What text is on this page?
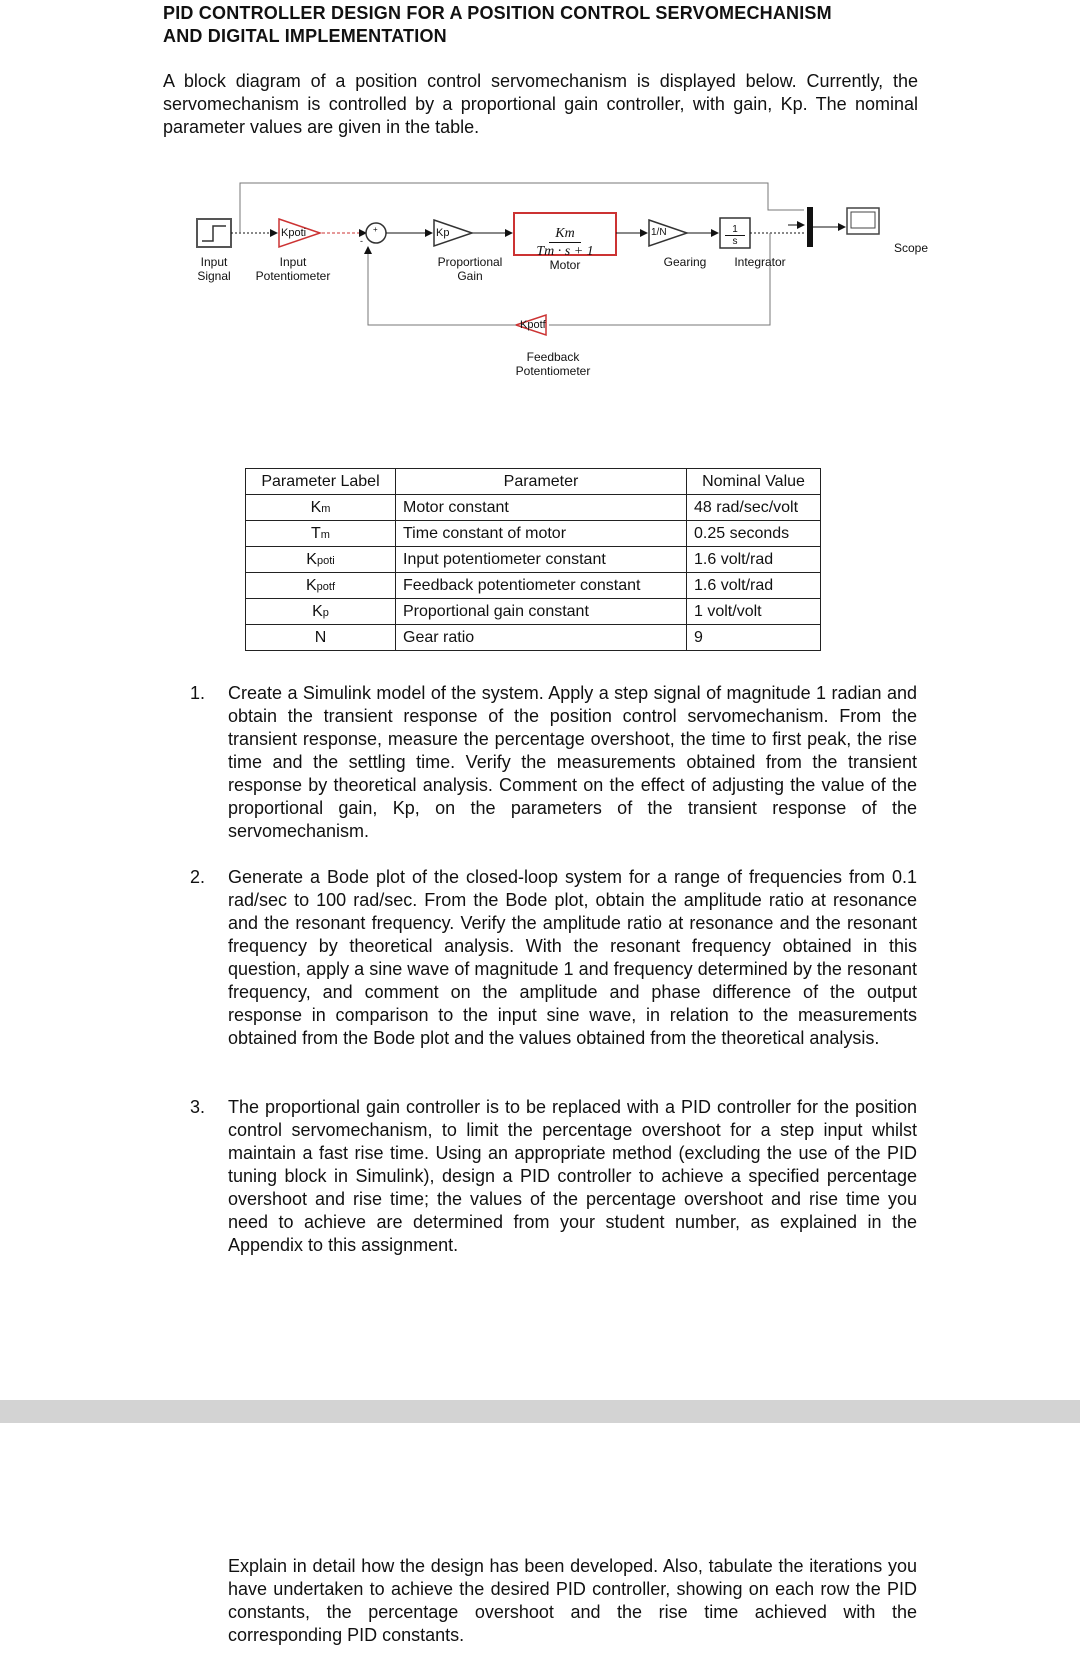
PID CONTROLLER DESIGN FOR A POSITION CONTROL SERVOMECHANISM
AND DIGITAL IMPLEMENTATION
A block diagram of a position control servomechanism is displayed below. Currently, the servomechanism is controlled by a proportional gain controller, with gain, Kp. The nominal parameter values are given in the table.
Input
Signal
Input
Potentiometer
Kpoti	+
-
Kp
Proportional
Gain
$\frac{Km}{Tm \cdot s + 1}$
Motor
1/N
Gearing
$\frac{1}{s}$
Integrator
Scope
Kpotf
Feedback
Potentiometer
Parameter Label	Parameter	Nominal Value
Km	Motor constant	48 rad/sec/volt
Tm	Time constant of motor	0.25 seconds
Kpoti	Input potentiometer constant	1.6 volt/rad
Kpotf	Feedback potentiometer constant	1.6 volt/rad
Kp	Proportional gain constant	1 volt/volt
N	Gear ratio	9
1.	Create a Simulink model of the system. Apply a step signal of magnitude 1 radian and obtain the transient response of the position control servomechanism. From the transient response, measure the percentage overshoot, the time to first peak, the rise time and the settling time. Verify the measurements obtained from the transient response by theoretical analysis. Comment on the effect of adjusting the value of the proportional gain, Kp, on the parameters of the transient response of the servomechanism.
2.	Generate a Bode plot of the closed-loop system for a range of frequencies from 0.1 rad/sec to 100 rad/sec. From the Bode plot, obtain the amplitude ratio at resonance and the resonant frequency. Verify the amplitude ratio at resonance and the resonant frequency by theoretical analysis. With the resonant frequency obtained in this question, apply a sine wave of magnitude 1 and frequency determined by the resonant frequency, and comment on the amplitude and phase difference of the output response in comparison to the input sine wave, in relation to the measurements obtained from the Bode plot and the values obtained from the theoretical analysis.
3.	The proportional gain controller is to be replaced with a PID controller for the position control servomechanism, to limit the percentage overshoot for a step input whilst maintain a fast rise time. Using an appropriate method (excluding the use of the PID tuning block in Simulink), design a PID controller to achieve a specified percentage overshoot and rise time; the values of the percentage overshoot and rise time you need to achieve are determined from your student number, as explained in the Appendix to this assignment.
Explain in detail how the design has been developed. Also, tabulate the iterations you have undertaken to achieve the desired PID controller, showing on each row the PID constants, the percentage overshoot and the rise time achieved with the corresponding PID constants.
